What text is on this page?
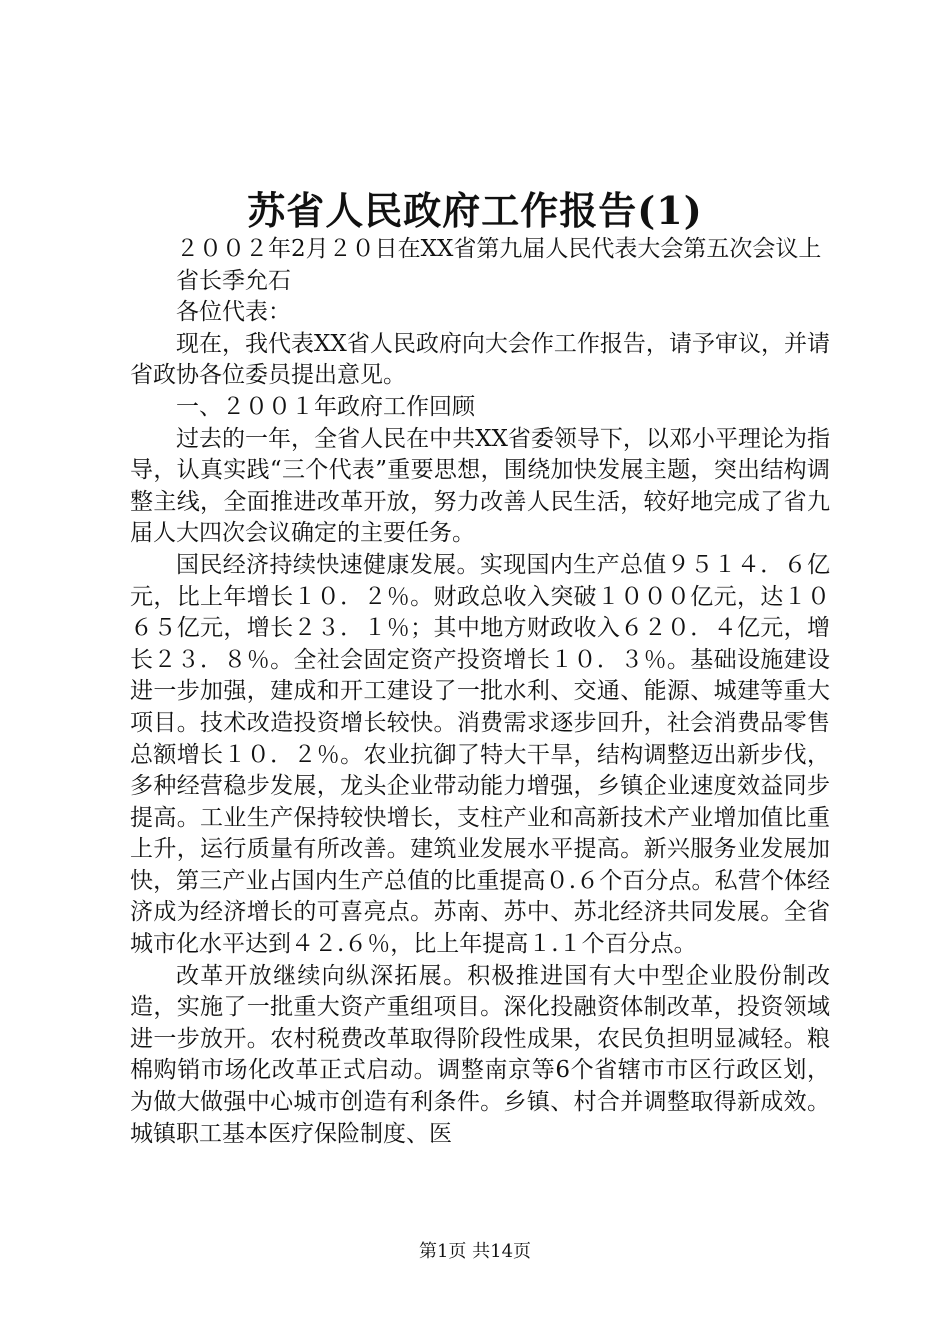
苏省人民政府工作报告(1)

２００２年2月２０日在XX省第九届人民代表大会第五次会议上

省长季允石

各位代表：

现在，我代表XX省人民政府向大会作工作报告，请予审议，并请省政协各位委员提出意见。

一、２００１年政府工作回顾

过去的一年，全省人民在中共XX省委领导下，以邓小平理论为指导，认真实践“三个代表”重要思想，围绕加快发展主题，突出结构调整主线，全面推进改革开放，努力改善人民生活，较好地完成了省九届人大四次会议确定的主要任务。

国民经济持续快速健康发展。实现国内生产总值９５１４．６亿元，比上年增长１０．２％。财政总收入突破１０００亿元，达１０６５亿元，增长２３．１％；其中地方财政收入６２０．４亿元，增长２３．８％。全社会固定资产投资增长１０．３％。基础设施建设进一步加强，建成和开工建设了一批水利、交通、能源、城建等重大项目。技术改造投资增长较快。消费需求逐步回升，社会消费品零售总额增长１０．２％。农业抗御了特大干旱，结构调整迈出新步伐，多种经营稳步发展，龙头企业带动能力增强，乡镇企业速度效益同步提高。工业生产保持较快增长，支柱产业和高新技术产业增加值比重上升，运行质量有所改善。建筑业发展水平提高。新兴服务业发展加快，第三产业占国内生产总值的比重提高０.６个百分点。私营个体经济成为经济增长的可喜亮点。苏南、苏中、苏北经济共同发展。全省城市化水平达到４２.６％，比上年提高１.１个百分点。

改革开放继续向纵深拓展。积极推进国有大中型企业股份制改造，实施了一批重大资产重组项目。深化投融资体制改革，投资领域进一步放开。农村税费改革取得阶段性成果，农民负担明显减轻。粮棉购销市场化改革正式启动。调整南京等6个省辖市市区行政区划，为做大做强中心城市创造有利条件。乡镇、村合并调整取得新成效。城镇职工基本医疗保险制度、医

第1页 共14页
